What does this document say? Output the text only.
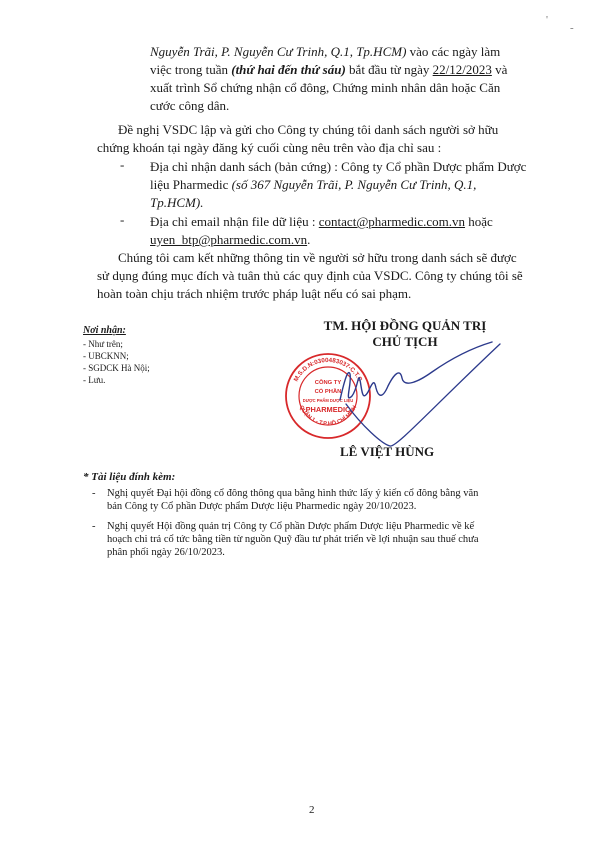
'
-
Nguyễn Trãi, P. Nguyễn Cư Trinh, Q.1, Tp.HCM) vào các ngày làm
việc trong tuần (thứ hai đến thứ sáu) bắt đầu từ ngày 22/12/2023 và
xuất trình Sổ chứng nhận cổ đông, Chứng minh nhân dân hoặc Căn
cước công dân.
Đề nghị VSDC lập và gửi cho Công ty chúng tôi danh sách người sở hữu
chứng khoán tại ngày đăng ký cuối cùng nêu trên vào địa chỉ sau :
- Địa chỉ nhận danh sách (bản cứng) : Công ty Cổ phần Dược phẩm Dược
liệu Pharmedic (số 367 Nguyễn Trãi, P. Nguyễn Cư Trinh, Q.1,
Tp.HCM).
- Địa chỉ email nhận file dữ liệu : contact@pharmedic.com.vn hoặc
uyen_btp@pharmedic.com.vn.
Chúng tôi cam kết những thông tin về người sở hữu trong danh sách sẽ được
sử dụng đúng mục đích và tuân thủ các quy định của VSDC. Công ty chúng tôi sẽ
hoàn toàn chịu trách nhiệm trước pháp luật nếu có sai phạm.
Nơi nhận:
- Như trên;
- UBCKNN;
- SGDCK Hà Nội;
- Lưu.
TM. HỘI ĐỒNG QUẢN TRỊ
CHỦ TỊCH
M.S.D.N:0300483037-C.T.C
QUẬN 1 - T.P HỒ CHÍ MINH
CÔNG TY
CỔ PHẦN
DƯỢC PHẨM DƯỢC LIỆU
PHARMEDIC
LÊ VIỆT HÙNG
* Tài liệu đính kèm:
- Nghị quyết Đại hội đồng cổ đông thông qua bằng hình thức lấy ý kiến cổ đông bằng văn
bản Công ty Cổ phần Dược phẩm Dược liệu Pharmedic ngày 20/10/2023.
- Nghị quyết Hội đồng quản trị Công ty Cổ phần Dược phẩm Dược liệu Pharmedic về kế
hoạch chi trả cổ tức bằng tiền từ nguồn Quỹ đầu tư phát triển về lợi nhuận sau thuế chưa
phân phối ngày 26/10/2023.
2
